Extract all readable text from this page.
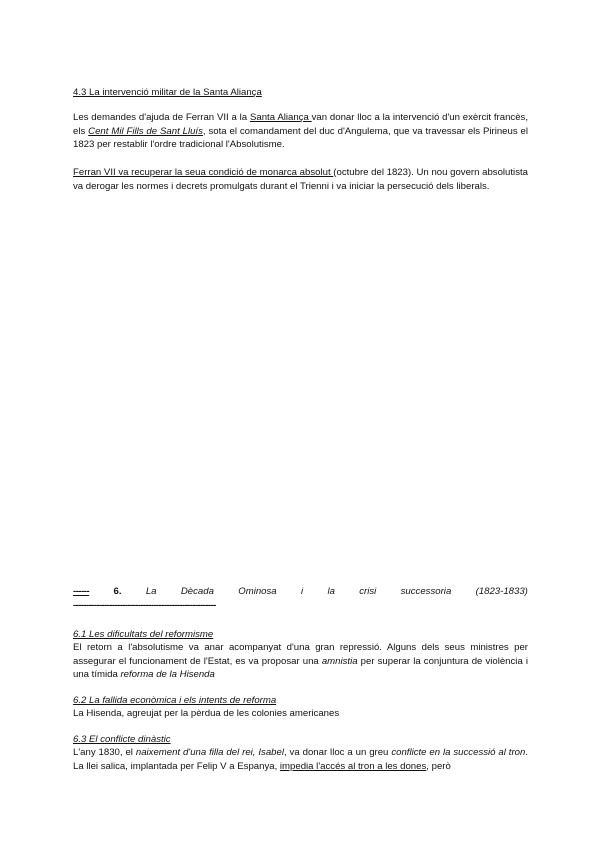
4.3 La intervenció militar de la Santa Aliança
Les demandes d'ajuda de Ferran VII a la Santa Aliança van donar lloc a la intervenció d'un exèrcit francès, els Cent Mil Fills de Sant Lluís, sota el comandament del duc d'Angulema, que va travessar els Pirineus el 1823 per restablir l'ordre tradicional l'Absolutisme.
Ferran VII va recuperar la seua condició de monarca absolut (octubre del 1823). Un nou govern absolutista va derogar les normes i decrets promulgats durant el Trienni i va iniciar la persecució dels liberals.
------	6.	La	Dècada	Ominosa	i	la	crisi	successoria	(1823-1833)
-------------------------------------------------------
6.1 Les dificultats del reformisme
El retorn a l'absolutisme va anar acompanyat d'una gran repressió. Alguns dels seus ministres per assegurar el funcionament de l'Estat, es va proposar una amnistia per superar la conjuntura de violència i una tímida reforma de la Hisenda
6.2 La fallida econòmica i els intents de reforma
La Hisenda, agreujat per la pèrdua de les colonies americanes
6.3 El conflicte dinàstic
L'any 1830, el naixement d'una filla del rei, Isabel, va donar lloc a un greu conflicte en la successió al tron. La llei salica, implantada per Felip V a Espanya, impedia l'accés al tron a les dones, però
